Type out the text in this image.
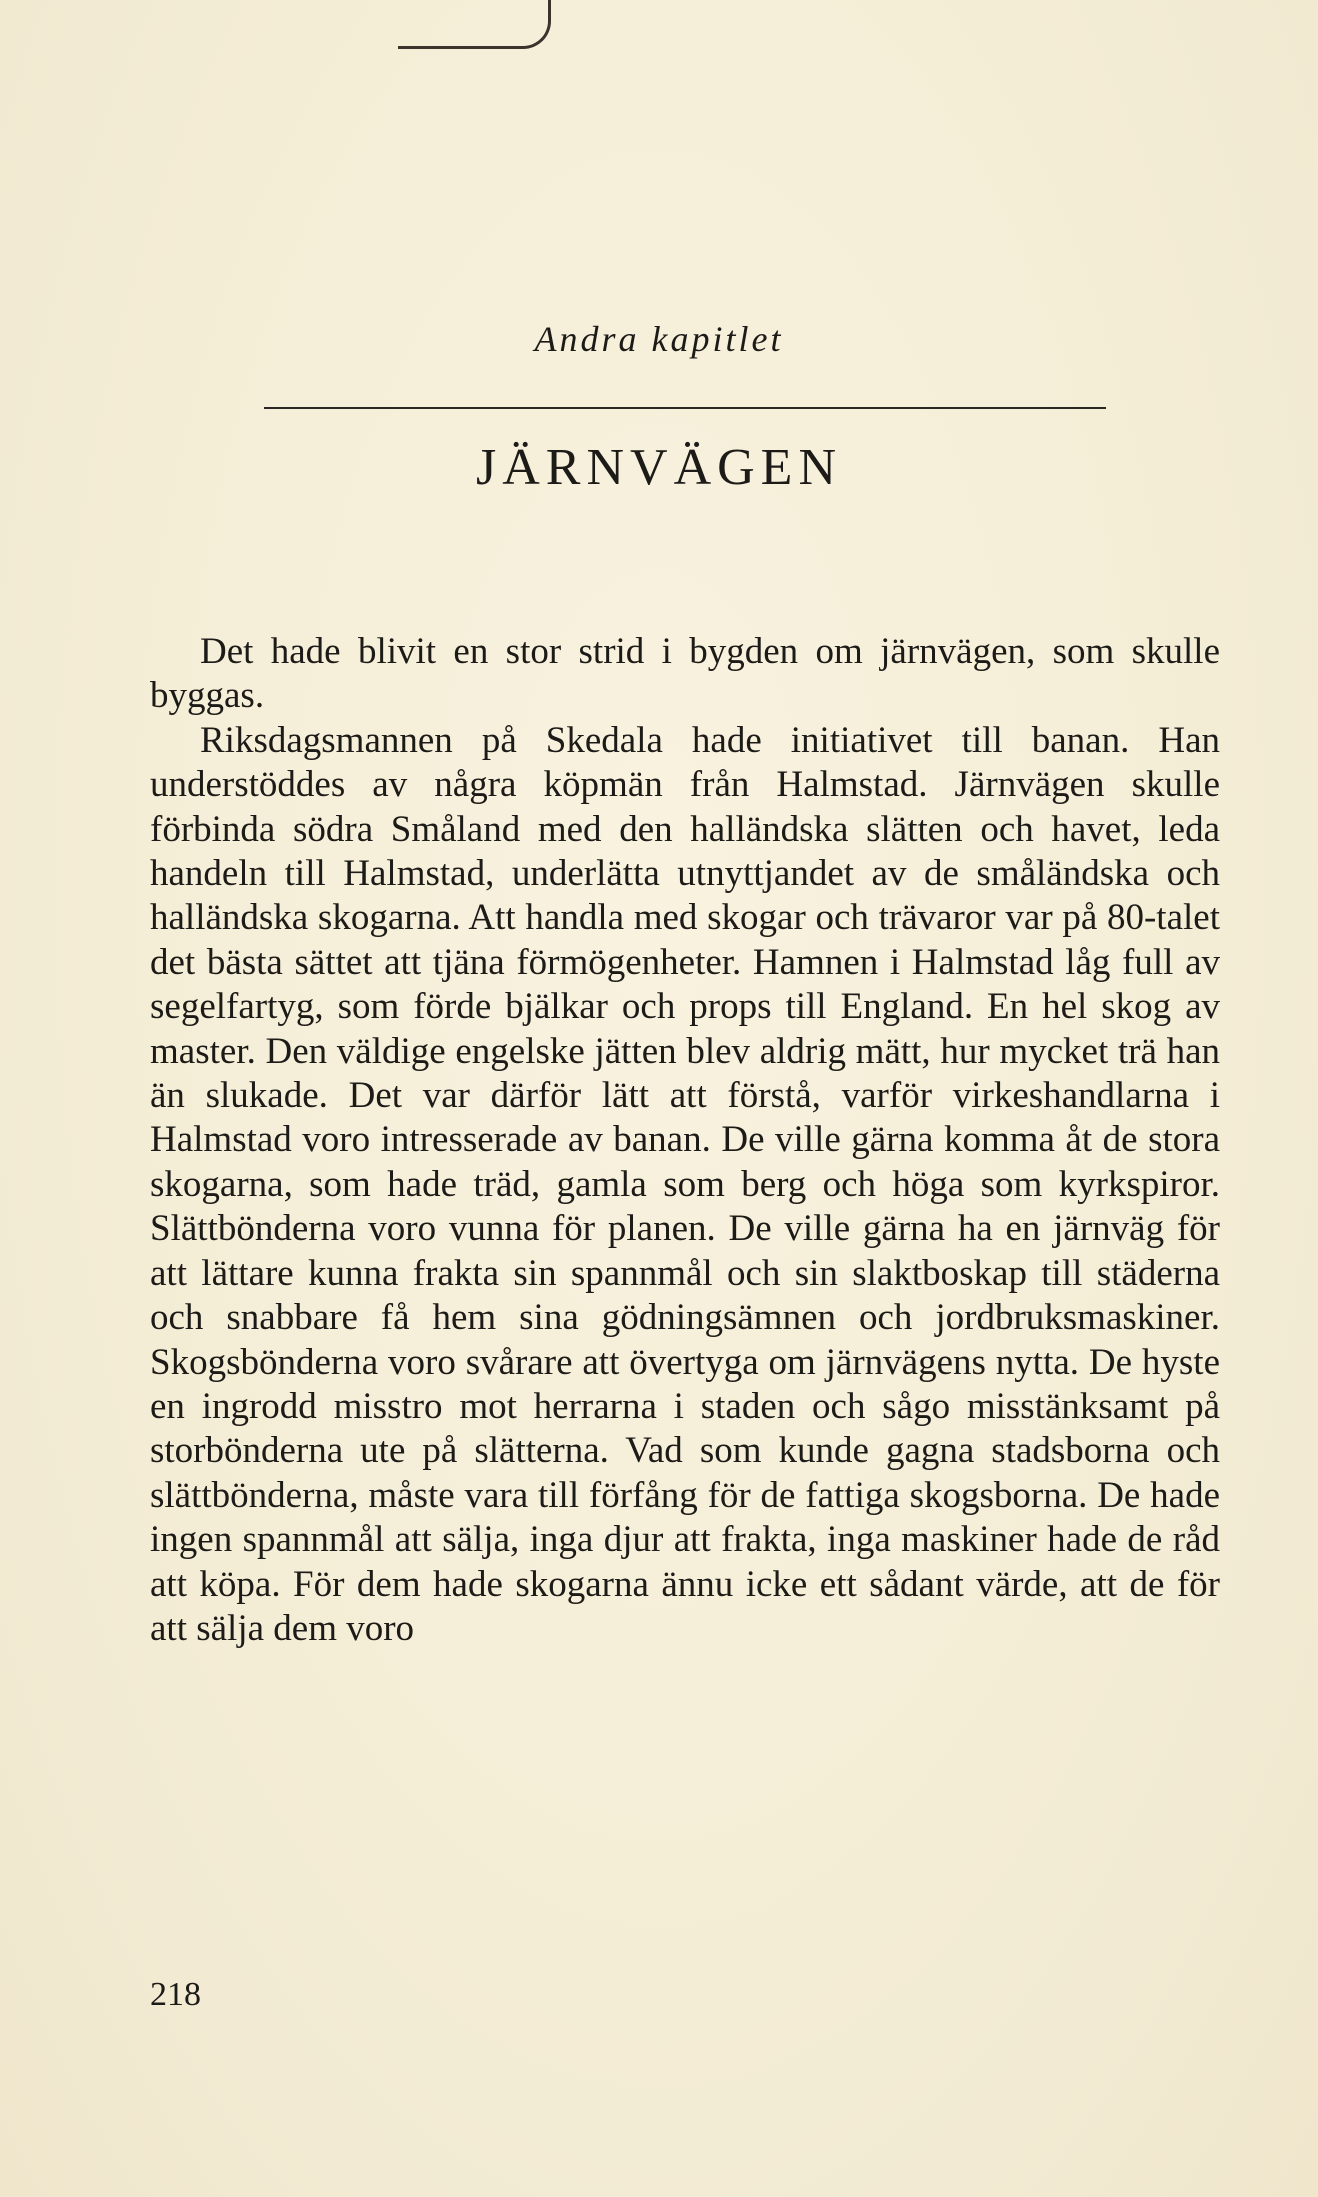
Andra kapitlet
JÄRNVÄGEN

Det hade blivit en stor strid i bygden om järnvägen, som skulle byggas.

Riksdagsmannen på Skedala hade initiativet till banan. Han understöddes av några köpmän från Halmstad. Järnvägen skulle förbinda södra Småland med den halländska slätten och havet, leda handeln till Halmstad, underlätta utnyttjandet av de småländska och halländska skogarna. Att handla med skogar och trävaror var på 80-talet det bästa sättet att tjäna förmögenheter. Hamnen i Halmstad låg full av segelfartyg, som förde bjälkar och props till England. En hel skog av master. Den väldige engelske jätten blev aldrig mätt, hur mycket trä han än slukade. Det var därför lätt att förstå, varför virkeshandlarna i Halmstad voro intresserade av banan. De ville gärna komma åt de stora skogarna, som hade träd, gamla som berg och höga som kyrkspiror. Slättbönderna voro vunna för planen. De ville gärna ha en järnväg för att lättare kunna frakta sin spannmål och sin slaktboskap till städerna och snabbare få hem sina gödningsämnen och jordbruksmaskiner. Skogsbönderna voro svårare att övertyga om järnvägens nytta. De hyste en ingrodd misstro mot herrarna i staden och sågo misstänksamt på storbönderna ute på slätterna. Vad som kunde gagna stadsborna och slättbönderna, måste vara till förfång för de fattiga skogsborna. De hade ingen spannmål att sälja, inga djur att frakta, inga maskiner hade de råd att köpa. För dem hade skogarna ännu icke ett sådant värde, att de för att sälja dem voro

218
